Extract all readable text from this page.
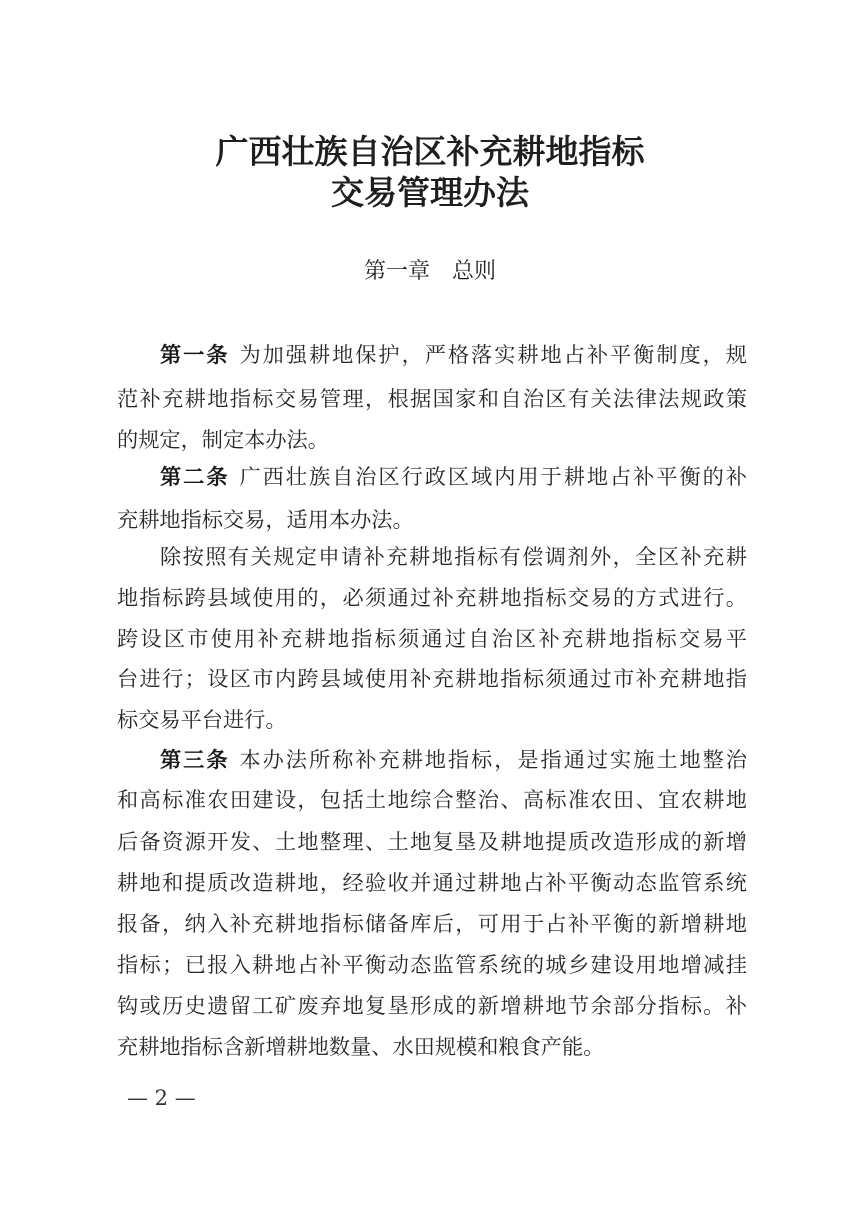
广西壮族自治区补充耕地指标
交易管理办法
第一章　总则
第一条 为加强耕地保护，严格落实耕地占补平衡制度，规
范补充耕地指标交易管理，根据国家和自治区有关法律法规政策
的规定，制定本办法。
第二条 广西壮族自治区行政区域内用于耕地占补平衡的补
充耕地指标交易，适用本办法。
除按照有关规定申请补充耕地指标有偿调剂外，全区补充耕
地指标跨县域使用的，必须通过补充耕地指标交易的方式进行。
跨设区市使用补充耕地指标须通过自治区补充耕地指标交易平
台进行；设区市内跨县域使用补充耕地指标须通过市补充耕地指
标交易平台进行。
第三条 本办法所称补充耕地指标，是指通过实施土地整治
和高标准农田建设，包括土地综合整治、高标准农田、宜农耕地
后备资源开发、土地整理、土地复垦及耕地提质改造形成的新增
耕地和提质改造耕地，经验收并通过耕地占补平衡动态监管系统
报备，纳入补充耕地指标储备库后，可用于占补平衡的新增耕地
指标；已报入耕地占补平衡动态监管系统的城乡建设用地增减挂
钩或历史遗留工矿废弃地复垦形成的新增耕地节余部分指标。补
充耕地指标含新增耕地数量、水田规模和粮食产能。
— 2 —
